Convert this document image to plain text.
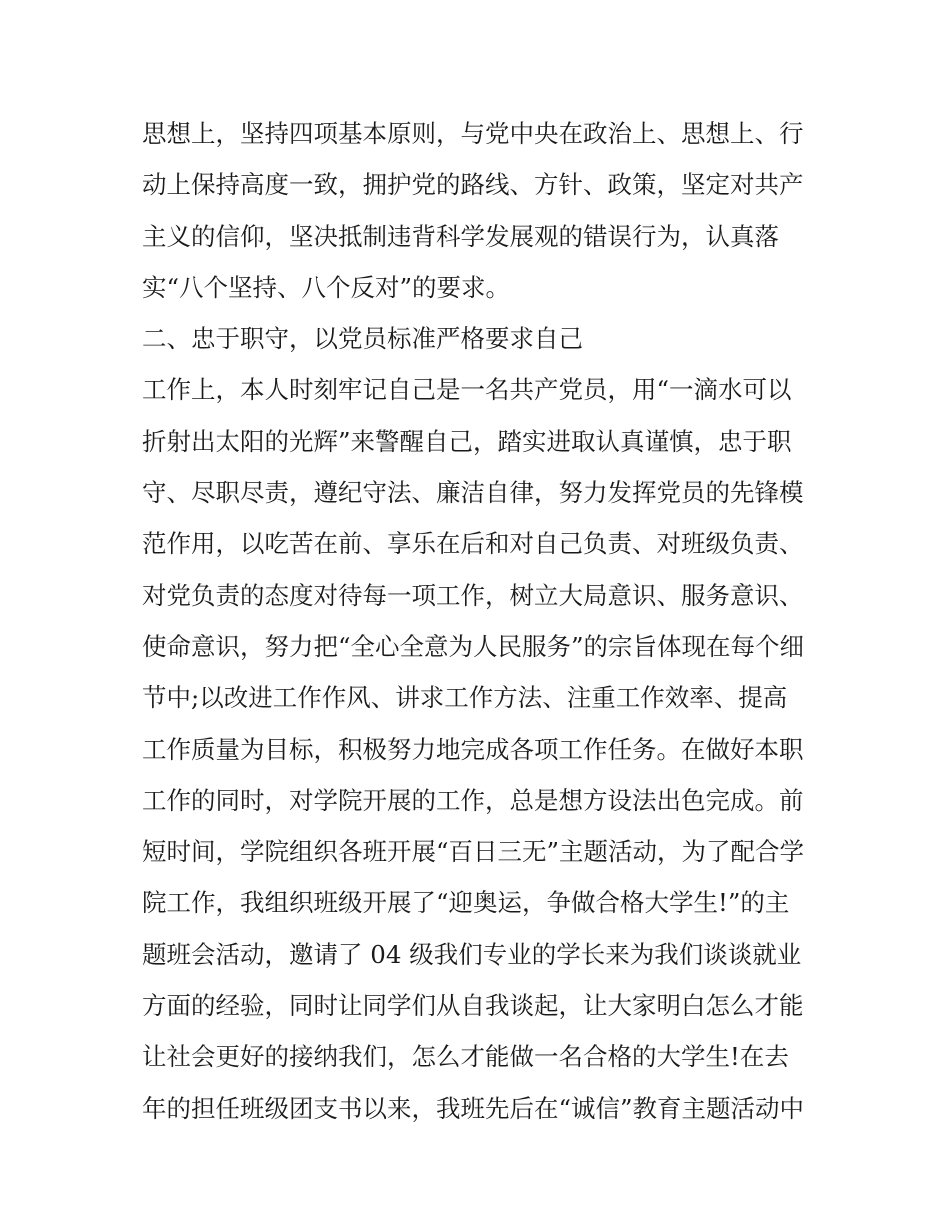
思想上，坚持四项基本原则，与党中央在政治上、思想上、行
动上保持高度一致，拥护党的路线、方针、政策，坚定对共产
主义的信仰，坚决抵制违背科学发展观的错误行为，认真落
实“八个坚持、八个反对”的要求。
二、忠于职守，以党员标准严格要求自己
工作上，本人时刻牢记自己是一名共产党员，用“一滴水可以
折射出太阳的光辉”来警醒自己，踏实进取认真谨慎，忠于职
守、尽职尽责，遵纪守法、廉洁自律，努力发挥党员的先锋模
范作用，以吃苦在前、享乐在后和对自己负责、对班级负责、
对党负责的态度对待每一项工作，树立大局意识、服务意识、
使命意识，努力把“全心全意为人民服务”的宗旨体现在每个细
节中;以改进工作作风、讲求工作方法、注重工作效率、提高
工作质量为目标，积极努力地完成各项工作任务。在做好本职
工作的同时，对学院开展的工作，总是想方设法出色完成。前
短时间，学院组织各班开展“百日三无”主题活动，为了配合学
院工作，我组织班级开展了“迎奥运，争做合格大学生!”的主
题班会活动，邀请了 04 级我们专业的学长来为我们谈谈就业
方面的经验，同时让同学们从自我谈起，让大家明白怎么才能
让社会更好的接纳我们，怎么才能做一名合格的大学生!在去
年的担任班级团支书以来，我班先后在“诚信”教育主题活动中
